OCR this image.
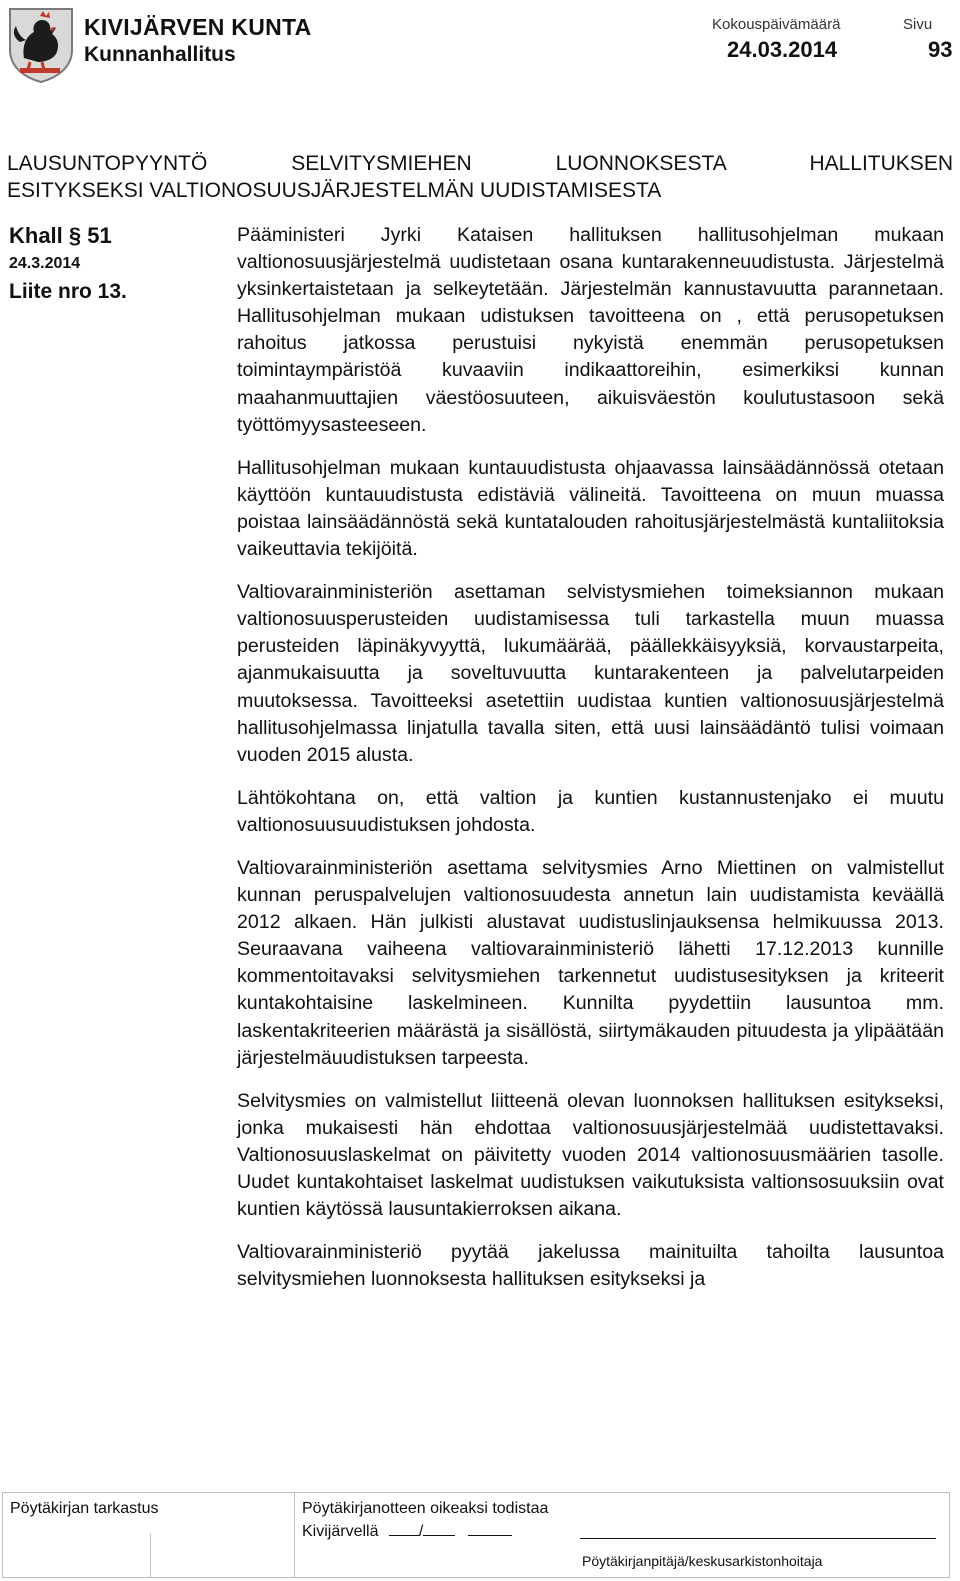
KIVIJÄRVEN KUNTA
Kunnanhallitus
Kokouspäivämäärä
24.03.2014
Sivu
93
LAUSUNTOPYYNTÖ SELVITYSMIEHEN LUONNOKSESTA HALLITUKSEN
ESITYKSEKSI VALTIONOSUUSJÄRJESTELMÄN UUDISTAMISESTA
Khall § 51
24.3.2014
Liite nro 13.

Pääministeri Jyrki Kataisen hallituksen hallitusohjelman mukaan valtionosuusjärjestelmä uudistetaan osana kuntarakenneuudistusta. Järjestelmä yksinkertaistetaan ja selkeytetään. Järjestelmän kannustavuutta parannetaan. Hallitusohjelman mukaan udistuksen tavoitteena on , että perusopetuksen rahoitus jatkossa perustuisi nykyistä enemmän perusopetuksen toimintaympäristöä kuvaaviin indikaattoreihin, esimerkiksi kunnan maahanmuuttajien väestöosuuteen, aikuisväestön koulutustasoon sekä työttömyysasteeseen.

Hallitusohjelman mukaan kuntauudistusta ohjaavassa lainsäädännössä otetaan käyttöön kuntauudistusta edistäviä välineitä. Tavoitteena on muun muassa poistaa lainsäädännöstä sekä kuntatalouden rahoitusjärjestelmästä kuntaliitoksia vaikeuttavia tekijöitä.

Valtiovarainministeriön asettaman selvistysmiehen toimeksiannon mukaan valtionosuusperusteiden uudistamisessa tuli tarkastella muun muassa perusteiden läpinäkyvyyttä, lukumäärää, päällekkäisyyksiä, korvaustarpeita, ajanmukaisuutta ja soveltuvuutta kuntarakenteen ja palvelutarpeiden muutoksessa. Tavoitteeksi asetettiin uudistaa kuntien valtionosuusjärjestelmä hallitusohjelmassa linjatulla tavalla siten, että uusi lainsäädäntö tulisi voimaan vuoden 2015 alusta.

Lähtökohtana on, että valtion ja kuntien kustannustenjako ei muutu valtionosuusuudistuksen johdosta.

Valtiovarainministeriön asettama selvitysmies Arno Miettinen on valmistellut kunnan peruspalvelujen valtionosuudesta annetun lain uudistamista keväällä 2012 alkaen. Hän julkisti alustavat uudistuslinjauksensa helmikuussa 2013. Seuraavana vaiheena valtiovarainministeriö lähetti 17.12.2013 kunnille kommentoitavaksi selvitysmiehen tarkennetut uudistusesityksen ja kriteerit kuntakohtaisine laskelmineen. Kunnilta pyydettiin lausuntoa mm. laskentakriteerien määrästä ja sisällöstä, siirtymäkauden pituudesta ja ylipäätään järjestelmäuudistuksen tarpeesta.

Selvitysmies on valmistellut liitteenä olevan luonnoksen hallituksen esitykseksi, jonka mukaisesti hän ehdottaa valtionosuusjärjestelmää uudistettavaksi. Valtionosuuslaskelmat on päivitetty vuoden 2014 valtionosuusmäärien tasolle. Uudet kuntakohtaiset laskelmat uudistuksen vaikutuksista valtionsosuuksiin ovat kuntien käytössä lausuntakierroksen aikana.

Valtiovarainministeriö pyytää jakelussa mainituilta tahoilta lausuntoa selvitysmiehen luonnoksesta hallituksen esitykseksi ja

Pöytäkirjan tarkastus	Pöytäkirjanotteen oikeaksi todistaa
Kivijärvellä	/
Pöytäkirjanpitäjä/keskusarkistonhoitaja
